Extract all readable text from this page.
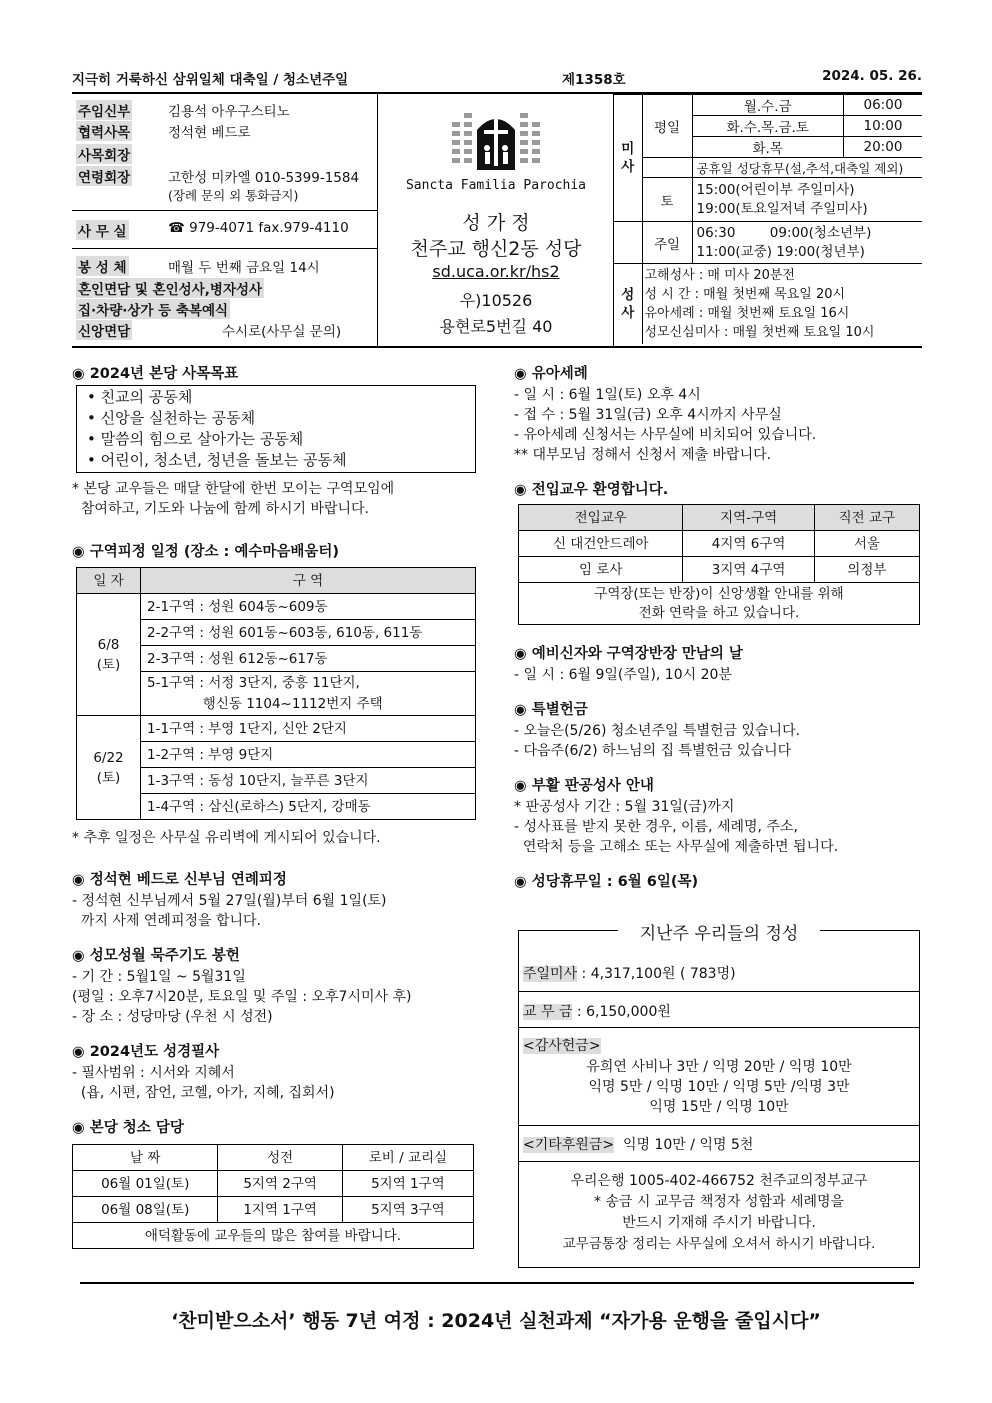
지극히 거룩하신 삼위일체 대축일 / 청소년주일	제1358호	2024. 05. 26.
주임신부	김용석 아우구스티노
협력사목	정석현 베드로
사목회장
연령회장	고한성 미카엘 010-5399-1584
(장례 문의 외 통화금지)
사 무 실	☎ 979-4071 fax.979-4110
봉 성 체	매월 두 번째 금요일 14시
혼인면담 및 혼인성사,병자성사
집·차량·상가 등 축복예식
신앙면담	수시로(사무실 문의)
Sancta Familia Parochia
성 가 정
천주교 행신2동 성당
sd.uca.or.kr/hs2
우)10526
용현로5번길 40
미사	평일	월.수.금	06:00
		화.수.목.금.토	10:00
		화.목	20:00
		공휴일 성당휴무(설,추석,대축일 제외)	
	토	15:00(어린이부 주일미사)
19:00(토요일저녁 주일미사)	

	주일	06:30        09:00(청소년부)
11:00(교중) 19:00(청년부)	

성사	고해성사 : 매 미사 20분전
성 시 간 : 매월 첫번째 목요일 20시
유아세례 : 매월 첫번째 토요일 16시
성모신심미사 : 매월 첫번째 토요일 10시		
◉ 2024년 본당 사목목표

• 친교의 공동체

• 신앙을 실천하는 공동체

• 말씀의 힘으로 살아가는 공동체

• 어린이, 청소년, 청년을 돌보는 공동체

* 본당 교우들은 매달 한달에 한번 모이는 구역모임에

참여하고, 기도와 나눔에 함께 하시기 바랍니다.

◉ 구역피정 일정 (장소 : 예수마음배움터)
일 자	구 역
6/8
(토)	2-1구역 : 성원 604동~609동
	2-2구역 : 성원 601동~603동, 610동, 611동
	2-3구역 : 성원 612동~617동
	5-1구역 : 서정 3단지, 중흥 11단지,
	행신동 1104~1112번지 주택
6/22
(토)	1-1구역 : 부영 1단지, 신안 2단지
	1-2구역 : 부영 9단지
	1-3구역 : 동성 10단지, 늘푸른 3단지
	1-4구역 : 삼신(로하스) 5단지, 강매동

* 추후 일정은 사무실 유리벽에 게시되어 있습니다.

◉ 정석현 베드로 신부님 연례피정

- 정석현 신부님께서 5월 27일(월)부터 6월 1일(토)

까지 사제 연례피정을 합니다.

◉ 성모성월 묵주기도 봉헌

- 기 간 : 5월1일 ~ 5월31일

(평일 : 오후7시20분, 토요일 및 주일 : 오후7시미사 후)

- 장 소 : 성당마당 (우천 시 성전)

◉ 2024년도 성경필사

- 필사범위 : 시서와 지혜서

(욥, 시편, 잠언, 코헬, 아가, 지혜, 집회서)

◉ 본당 청소 담당
날 짜	성전	로비 / 교리실
06월 01일(토)	5지역 2구역	5지역 1구역
06월 08일(토)	1지역 1구역	5지역 3구역
애덕활동에 교우들의 많은 참여를 바랍니다.		
◉ 유아세례

- 일 시 : 6월 1일(토) 오후 4시

- 접 수 : 5월 31일(금) 오후 4시까지 사무실

- 유아세례 신청서는 사무실에 비치되어 있습니다.

** 대부모님 정해서 신청서 제출 바랍니다.

◉ 전입교우 환영합니다.
전입교우	지역-구역	직전 교구
신 대건안드레아	4지역 6구역	서울
임 로사	3지역 4구역	의정부

구역장(또는 반장)이 신앙생활 안내를 위해
전화 연락을 하고 있습니다.		
◉ 예비신자와 구역장반장 만남의 날

- 일 시 : 6월 9일(주일), 10시 20분

◉ 특별헌금

- 오늘은(5/26) 청소년주일 특별헌금 있습니다.

- 다음주(6/2) 하느님의 집 특별헌금 있습니다

◉ 부활 판공성사 안내

* 판공성사 기간 : 5월 31일(금)까지

- 성사표를 받지 못한 경우, 이름, 세례명, 주소,

연락처 등을 고해소 또는 사무실에 제출하면 됩니다.

◉ 성당휴무일 : 6월 6일(목)
지난주 우리들의 정성
주일미사 : 4,317,100원 ( 783명)
교 무 금 : 6,150,000원
<감사헌금>
유희연 사비나 3만 / 익명 20만 / 익명 10만
익명 5만 / 익명 10만 / 익명 5만 /익명 3만
익명 15만 / 익명 10만
<기타후원금>  익명 10만 / 익명 5천
우리은행 1005-402-466752 천주교의정부교구
* 송금 시 교무금 책정자 성함과 세례명을
반드시 기재해 주시기 바랍니다.
교무금통장 정리는 사무실에 오셔서 하시기 바랍니다.
‘찬미받으소서’ 행동 7년 여정 : 2024년 실천과제 “자가용 운행을 줄입시다”
